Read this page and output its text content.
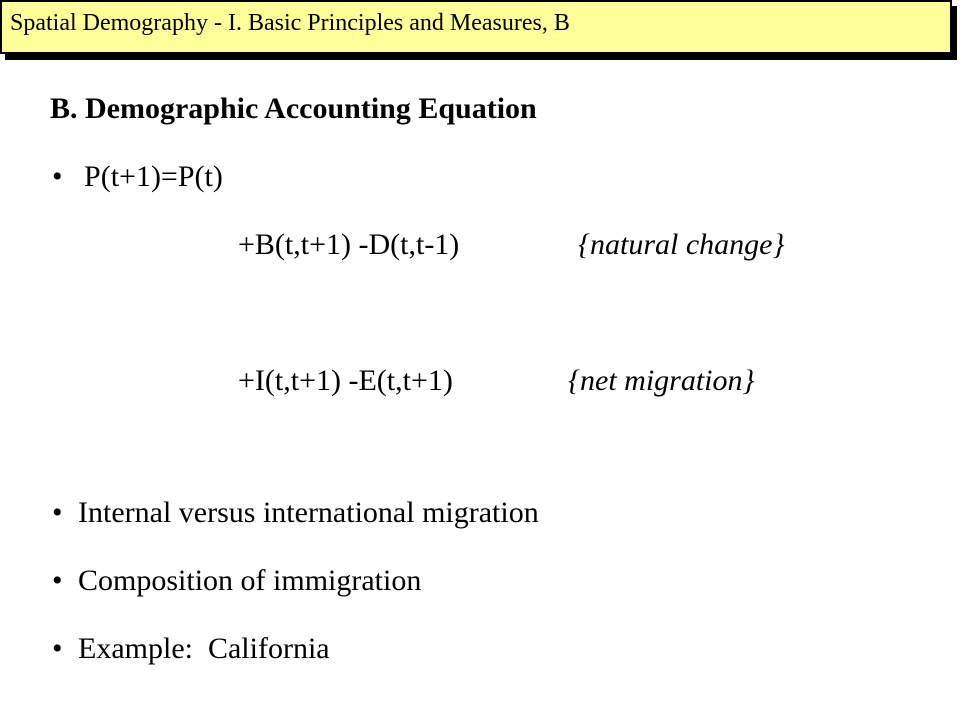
Spatial Demography - I. Basic Principles and Measures, B
B. Demographic Accounting Equation
• P(t+1)=P(t)
+B(t,t+1) -D(t,t-1)	{natural change}
+I(t,t+1) -E(t,t+1)	{net migration}
• Internal versus international migration
• Composition of immigration
• Example:  California
